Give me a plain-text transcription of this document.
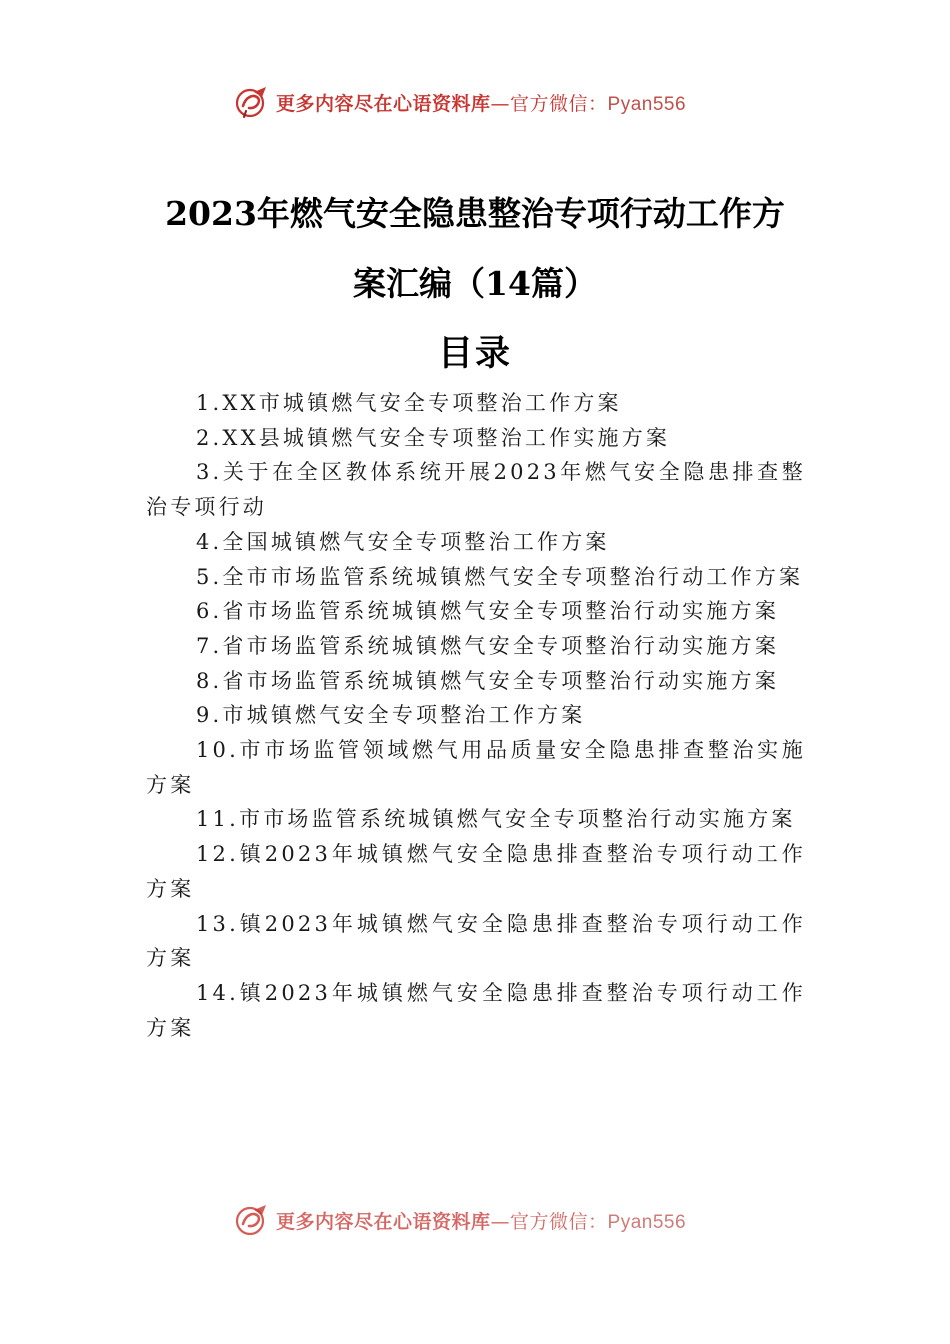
更多内容尽在心语资料库—官方微信：Pyan556
2023年燃气安全隐患整治专项行动工作方
案汇编（14篇）
目录
1.XX市城镇燃气安全专项整治工作方案
2.XX县城镇燃气安全专项整治工作实施方案
3.关于在全区教体系统开展2023年燃气安全隐患排查整治专项行动
4.全国城镇燃气安全专项整治工作方案
5.全市市场监管系统城镇燃气安全专项整治行动工作方案
6.省市场监管系统城镇燃气安全专项整治行动实施方案
7.省市场监管系统城镇燃气安全专项整治行动实施方案
8.省市场监管系统城镇燃气安全专项整治行动实施方案
9.市城镇燃气安全专项整治工作方案
10.市市场监管领域燃气用品质量安全隐患排查整治实施方案
11.市市场监管系统城镇燃气安全专项整治行动实施方案
12.镇2023年城镇燃气安全隐患排查整治专项行动工作方案
13.镇2023年城镇燃气安全隐患排查整治专项行动工作方案
14.镇2023年城镇燃气安全隐患排查整治专项行动工作方案
更多内容尽在心语资料库—官方微信：Pyan556
